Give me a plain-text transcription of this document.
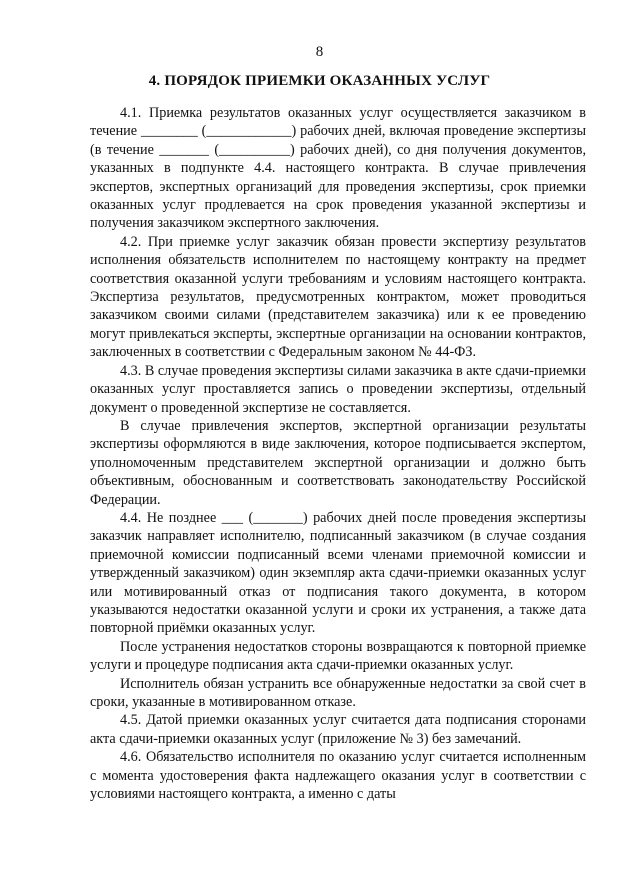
8
4. ПОРЯДОК ПРИЕМКИ ОКАЗАННЫХ УСЛУГ

4.1. Приемка результатов оказанных услуг осуществляется заказчиком в течение ________ (____________) рабочих дней, включая проведение экспертизы (в течение _______ (__________) рабочих дней), со дня получения документов, указанных в подпункте 4.4. настоящего контракта. В случае привлечения экспертов, экспертных организаций для проведения экспертизы, срок приемки оказанных услуг продлевается на срок проведения указанной экспертизы и получения заказчиком экспертного заключения.

4.2. При приемке услуг заказчик обязан провести экспертизу результатов исполнения обязательств исполнителем по настоящему контракту на предмет соответствия оказанной услуги требованиям и условиям настоящего контракта. Экспертиза результатов, предусмотренных контрактом, может проводиться заказчиком своими силами (представителем заказчика) или к ее проведению могут привлекаться эксперты, экспертные организации на основании контрактов, заключенных в соответствии с Федеральным законом № 44-ФЗ.

4.3. В случае проведения экспертизы силами заказчика в акте сдачи-приемки оказанных услуг проставляется запись о проведении экспертизы, отдельный документ о проведенной экспертизе не составляется.

В случае привлечения экспертов, экспертной организации результаты экспертизы оформляются в виде заключения, которое подписывается экспертом, уполномоченным представителем экспертной организации и должно быть объективным, обоснованным и соответствовать законодательству Российской Федерации.

4.4. Не позднее ___ (_______) рабочих дней после проведения экспертизы заказчик направляет исполнителю, подписанный заказчиком (в случае создания приемочной комиссии подписанный всеми членами приемочной комиссии и утвержденный заказчиком) один экземпляр акта сдачи-приемки оказанных услуг или мотивированный отказ от подписания такого документа, в котором указываются недостатки оказанной услуги и сроки их устранения, а также дата повторной приёмки оказанных услуг.

После устранения недостатков стороны возвращаются к повторной приемке услуги и процедуре подписания акта сдачи-приемки оказанных услуг.

Исполнитель обязан устранить все обнаруженные недостатки за свой счет в сроки, указанные в мотивированном отказе.

4.5. Датой приемки оказанных услуг считается дата подписания сторонами акта сдачи-приемки оказанных услуг (приложение № 3) без замечаний.

4.6. Обязательство исполнителя по оказанию услуг считается исполненным с момента удостоверения факта надлежащего оказания услуг в соответствии с условиями настоящего контракта, а именно с даты
